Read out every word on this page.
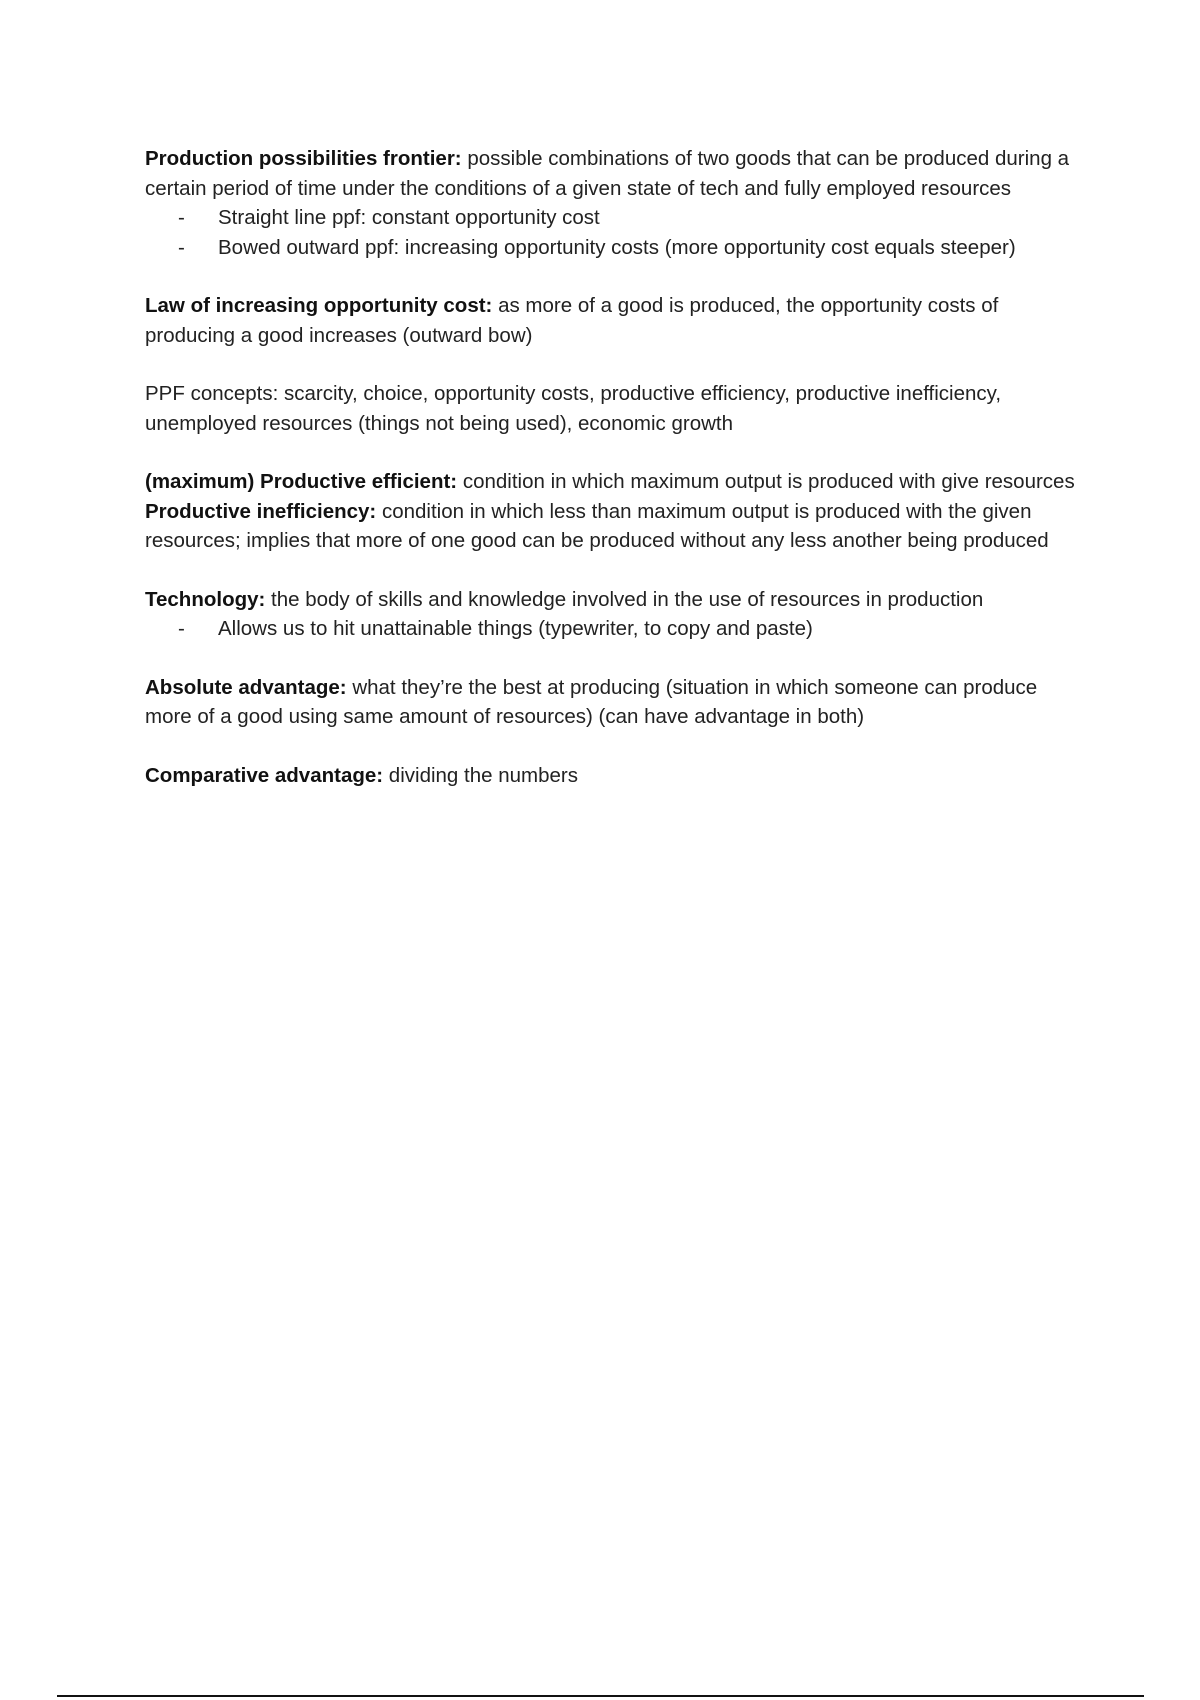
Production possibilities frontier: possible combinations of two goods that can be produced during a certain period of time under the conditions of a given state of tech and fully employed resources

- Straight line ppf: constant opportunity cost
- Bowed outward ppf: increasing opportunity costs (more opportunity cost equals steeper)

Law of increasing opportunity cost: as more of a good is produced, the opportunity costs of producing a good increases (outward bow)

PPF concepts: scarcity, choice, opportunity costs, productive efficiency, productive inefficiency, unemployed resources (things not being used), economic growth

(maximum) Productive efficient: condition in which maximum output is produced with give resources

Productive inefficiency: condition in which less than maximum output is produced with the given resources; implies that more of one good can be produced without any less another being produced

Technology: the body of skills and knowledge involved in the use of resources in production

- Allows us to hit unattainable things (typewriter, to copy and paste)

Absolute advantage: what they’re the best at producing (situation in which someone can produce more of a good using same amount of resources) (can have advantage in both)

Comparative advantage: dividing the numbers
